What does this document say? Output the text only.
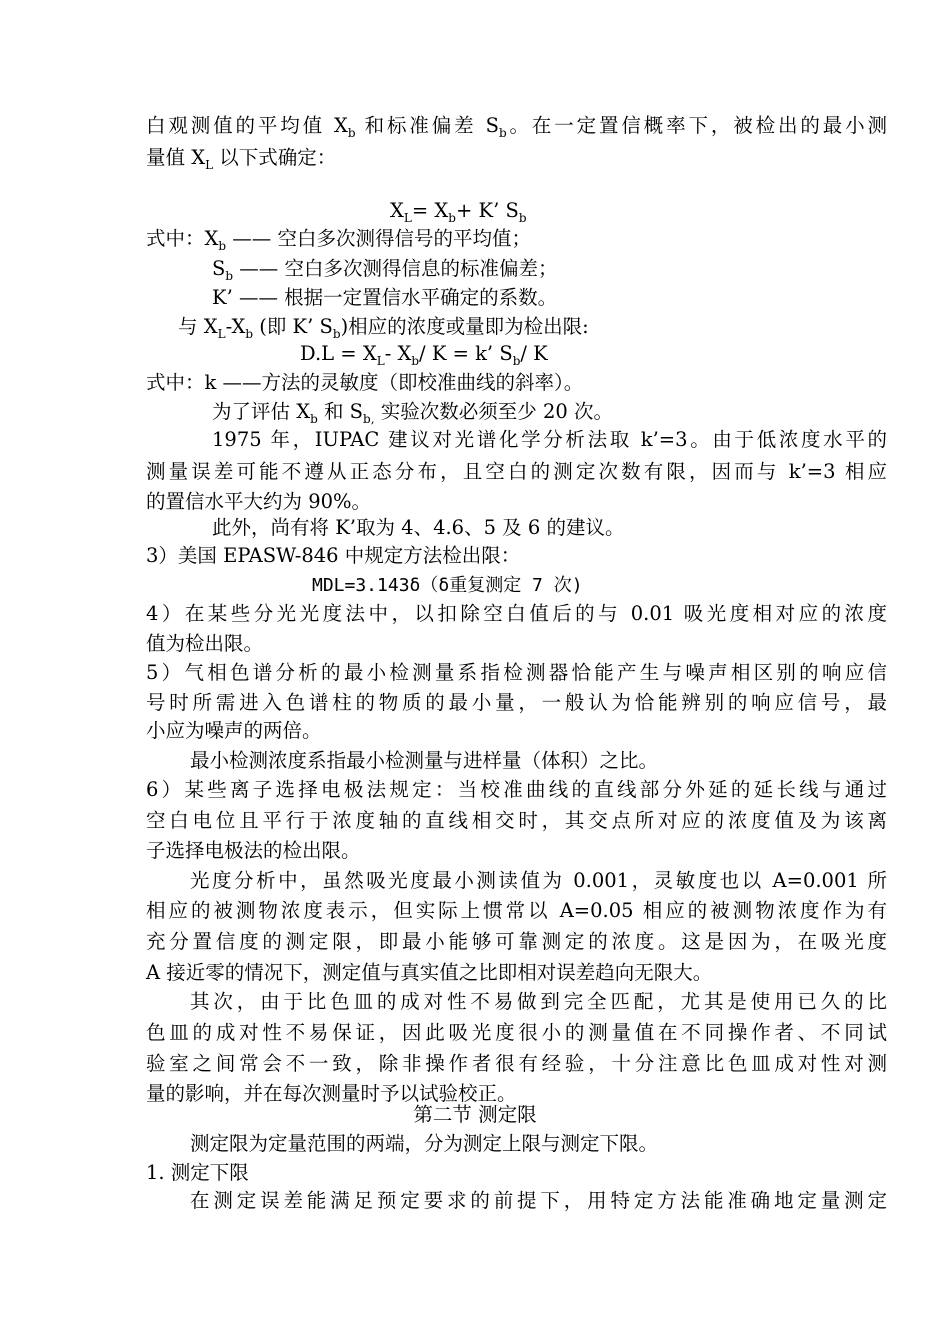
白观测值的平均值 $X_b$ 和标准偏差 $S_b$。在一定置信概率下，被检出的最小测
量值 $X_L$ 以下式确定：
$X_L= X_b+ K$’ $S_b$
式中：$X_b$ —— 空白多次测得信号的平均值；
$S_b$ —— 空白多次测得信息的标准偏差；
K’ —— 根据一定置信水平确定的系数。
与 $X_L-X_b$ (即 K’ $S_b$)相应的浓度或量即为检出限:
$D.L = X_L-$ $X_b/$ K = k’ $S_b/$ K
式中：k ——方法的灵敏度（即校准曲线的斜率）。
为了评估 $X_b$ 和 $S_{b,}$ 实验次数必须至少 20 次。
1975 年，IUPAC 建议对光谱化学分析法取 k’=3。由于低浓度水平的
测量误差可能不遵从正态分布，且空白的测定次数有限，因而与 k’=3 相应
的置信水平大约为 90%。
此外，尚有将 K’取为 4、4.6、5 及 6 的建议。
3）美国 EPASW-846 中规定方法检出限：
MDL=3.143δ（δ重复测定 7 次)
4）在某些分光光度法中，以扣除空白值后的与 0.01 吸光度相对应的浓度
值为检出限。
5）气相色谱分析的最小检测量系指检测器恰能产生与噪声相区别的响应信
号时所需进入色谱柱的物质的最小量，一般认为恰能辨别的响应信号，最
小应为噪声的两倍。
最小检测浓度系指最小检测量与进样量（体积）之比。
6）某些离子选择电极法规定：当校准曲线的直线部分外延的延长线与通过
空白电位且平行于浓度轴的直线相交时，其交点所对应的浓度值及为该离
子选择电极法的检出限。
光度分析中，虽然吸光度最小测读值为 0.001，灵敏度也以 A=0.001 所
相应的被测物浓度表示，但实际上惯常以 A=0.05 相应的被测物浓度作为有
充分置信度的测定限，即最小能够可靠测定的浓度。这是因为，在吸光度
A 接近零的情况下，测定值与真实值之比即相对误差趋向无限大。
其次，由于比色皿的成对性不易做到完全匹配，尤其是使用已久的比
色皿的成对性不易保证，因此吸光度很小的测量值在不同操作者、不同试
验室之间常会不一致，除非操作者很有经验，十分注意比色皿成对性对测
量的影响，并在每次测量时予以试验校正。
第二节 测定限
测定限为定量范围的两端，分为测定上限与测定下限。
1. 测定下限
在测定误差能满足预定要求的前提下，用特定方法能准确地定量测定
